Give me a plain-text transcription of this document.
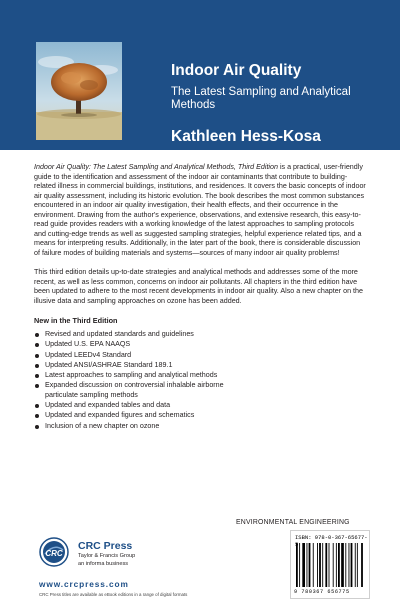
Indoor Air Quality
The Latest Sampling and Analytical Methods
Kathleen Hess-Kosa

Indoor Air Quality: The Latest Sampling and Analytical Methods, Third Edition is a practical, user-friendly guide to the identification and assessment of the indoor air contaminants that contribute to building-related illness in commercial buildings, institutions, and residences. It covers the basic concepts of indoor air quality assessment, including its historic evolution. The book describes the most common substances encountered in an indoor air quality investigation, their health effects, and their occurrence in the environment. Drawing from the author's experience, observations, and extensive research, this easy-to-read guide provides readers with a working knowledge of the latest approaches to sampling protocols and cutting-edge trends as well as suggested sampling strategies, helpful experience related tips, and a means for interpreting results. Additionally, in the later part of the book, there is considerable discussion of failure modes of building materials and systems—sources of many indoor air quality problems!

This third edition details up-to-date strategies and analytical methods and addresses some of the more recent, as well as less common, concerns on indoor air pollutants. All chapters in the third edition have been updated to adhere to the most recent developments in indoor air quality. Also a new chapter on the illusive data and sampling approaches on ozone has been added.

New in the Third Edition
Revised and updated standards and guidelines
Updated U.S. EPA NAAQS
Updated LEEDv4 Standard
Updated ANSI/ASHRAE Standard 189.1
Latest approaches to sampling and analytical methods
Expanded discussion on controversial inhalable airborne particulate sampling methods
Updated and expanded tables and data
Updated and expanded figures and schematics
Inclusion of a new chapter on ozone
ENVIRONMENTAL ENGINEERING
CRC
CRC Press
Taylor & Francis Group
an informa business
www.crcpress.com
CRC Press titles are available as eBook editions in a range of digital formats
ISBN: 978-0-367-65677-
9 780367 656775
